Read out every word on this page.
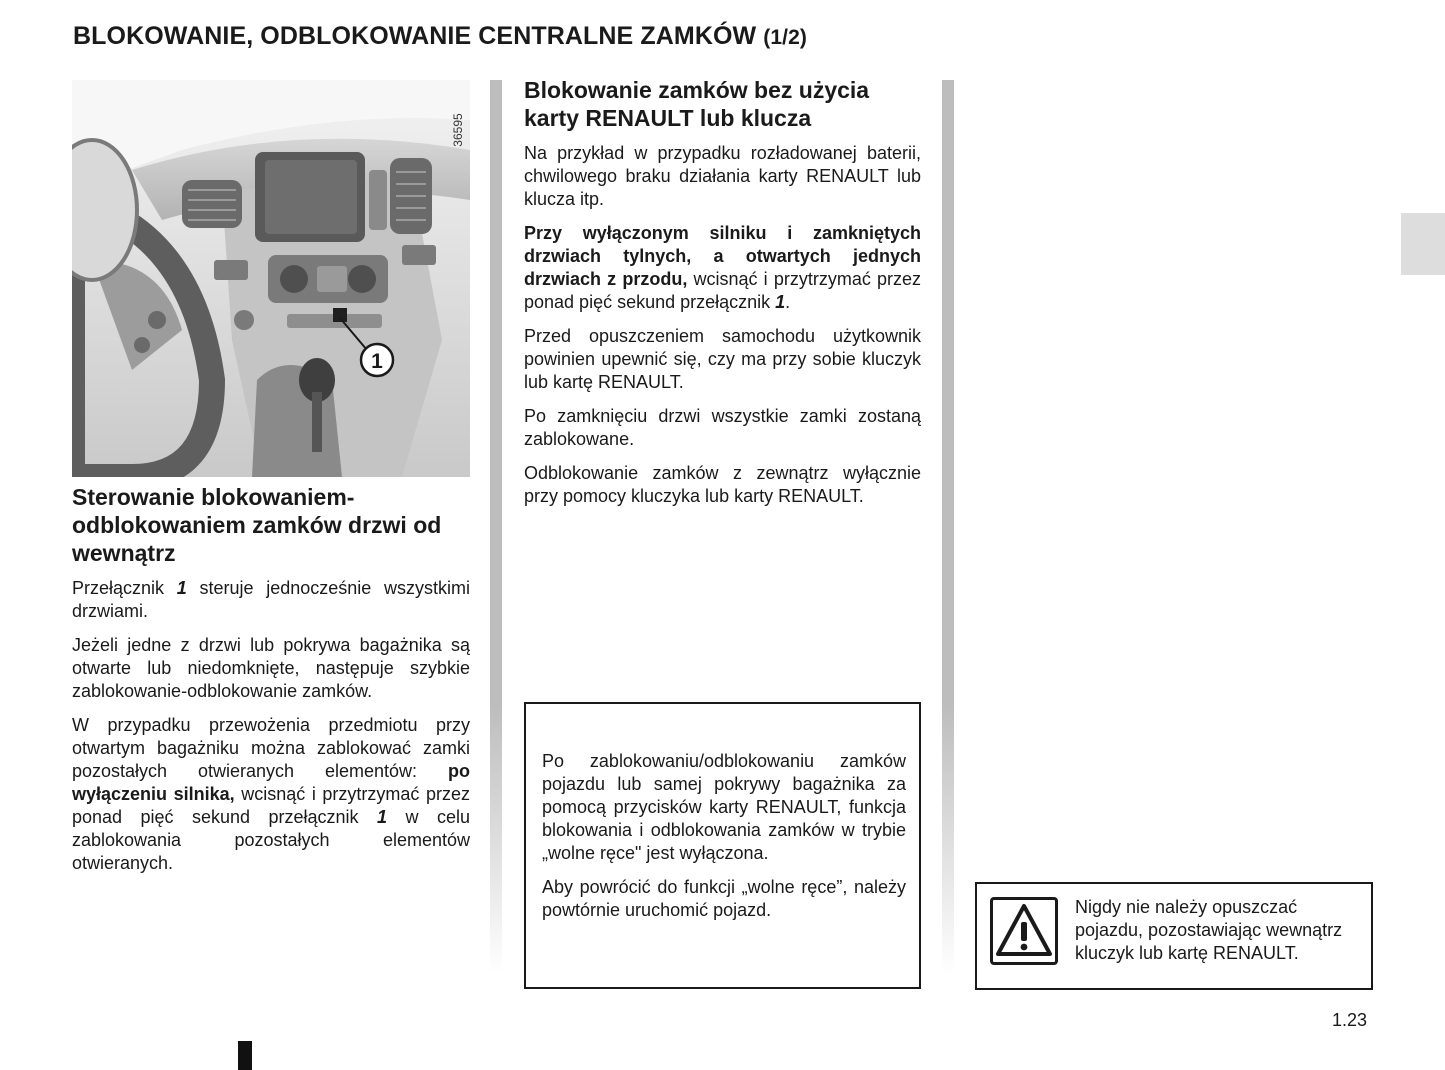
BLOKOWANIE, ODBLOKOWANIE CENTRALNE ZAMKÓW (1/2)
1
36595
Sterowanie blokowaniem-odblokowaniem zamków drzwi od wewnątrz

Przełącznik 1 steruje jednocześnie wszystkimi drzwiami.

Jeżeli jedne z drzwi lub pokrywa bagażnika są otwarte lub niedomknięte, następuje szybkie zablokowanie-odblokowanie zamków.

W przypadku przewożenia przedmiotu przy otwartym bagażniku można zablokować zamki pozostałych otwieranych elementów: po wyłączeniu silnika, wcisnąć i przytrzymać przez ponad pięć sekund przełącznik 1 w celu zablokowania pozostałych elementów otwieranych.

Blokowanie zamków bez użycia karty RENAULT lub klucza

Na przykład w przypadku rozładowanej baterii, chwilowego braku działania karty RENAULT lub klucza itp.

Przy wyłączonym silniku i zamkniętych drzwiach tylnych, a otwartych jednych drzwiach z przodu, wcisnąć i przytrzymać przez ponad pięć sekund przełącznik 1.

Przed opuszczeniem samochodu użytkownik powinien upewnić się, czy ma przy sobie kluczyk lub kartę RENAULT.

Po zamknięciu drzwi wszystkie zamki zostaną zablokowane.

Odblokowanie zamków z zewnątrz wyłącznie przy pomocy kluczyka lub karty RENAULT.

Po zablokowaniu/odblokowaniu zamków pojazdu lub samej pokrywy bagażnika za pomocą przycisków karty RENAULT, funkcja blokowania i odblokowania zamków w trybie „wolne ręce" jest wyłączona.

Aby powrócić do funkcji „wolne ręce”, należy powtórnie uruchomić pojazd.	Nigdy nie należy opuszczać pojazdu, pozostawiając wewnątrz kluczyk lub kartę RENAULT.
1.23
